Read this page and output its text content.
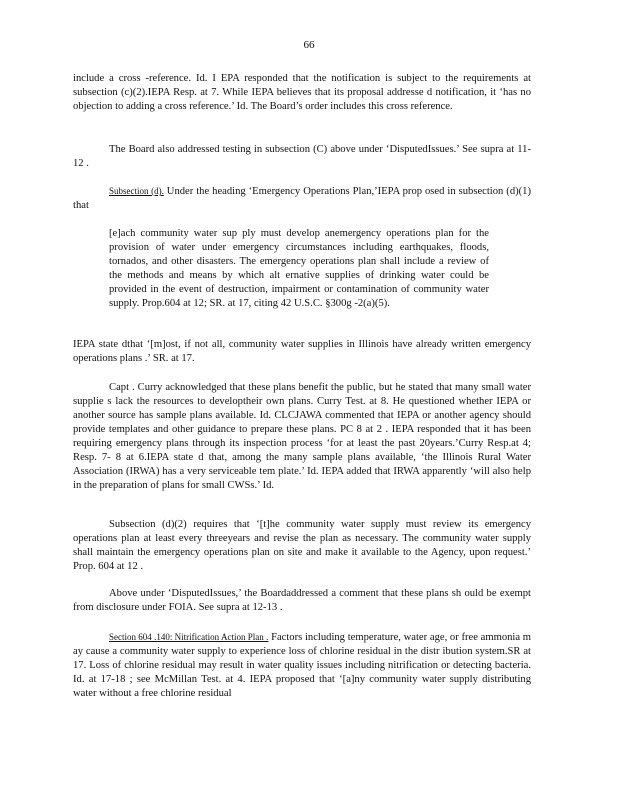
66

include a cross -reference. Id. I EPA responded that the notification is subject to the requirements at subsection (c)(2).IEPA Resp. at 7. While IEPA believes that its proposal addresse d notification, it ‘has no objection to adding a cross reference.’ Id. The Board’s order includes this cross reference.

The Board also addressed testing in subsection (C) above under ‘DisputedIssues.’ See supra at 11-12 .

Subsection (d). Under the heading ‘Emergency Operations Plan,’IEPA prop osed in subsection (d)(1) that

[e]ach community water sup ply must develop anemergency operations plan for the provision of water under emergency circumstances including earthquakes, floods, tornados, and other disasters. The emergency operations plan shall include a review of the methods and means by which alt ernative supplies of drinking water could be provided in the event of destruction, impairment or contamination of community water supply. Prop.604 at 12; SR. at 17, citing 42 U.S.C. §300g -2(a)(5).

IEPA state dthat ‘[m]ost, if not all, community water supplies in Illinois have already written emergency operations plans .’ SR. at 17.

Capt . Curry acknowledged that these plans benefit the public, but he stated that many small water supplie s lack the resources to developtheir own plans. Curry Test. at 8. He questioned whether IEPA or another source has sample plans available. Id. CLCJAWA commented that IEPA or another agency should provide templates and other guidance to prepare these plans. PC 8 at 2 . IEPA responded that it has been requiring emergency plans through its inspection process ‘for at least the past 20years.’Curry Resp.at 4; Resp. 7- 8 at 6.IEPA state d that, among the many sample plans available, ‘the Illinois Rural Water Association (IRWA) has a very serviceable tem plate.’ Id. IEPA added that IRWA apparently ‘will also help in the preparation of plans for small CWSs.’ Id.

Subsection (d)(2) requires that ‘[t]he community water supply must review its emergency operations plan at least every threeyears and revise the plan as necessary. The community water supply shall maintain the emergency operations plan on site and make it available to the Agency, upon request.’ Prop. 604 at 12 .

Above under ‘DisputedIssues,’ the Boardaddressed a comment that these plans sh ould be exempt from disclosure under FOIA. See supra at 12-13 .

Section 604 .140: Nitrification Action Plan . Factors including temperature, water age, or free ammonia m ay cause a community water supply to experience loss of chlorine residual in the distr ibution system.SR at 17. Loss of chlorine residual may result in water quality issues including nitrification or detecting bacteria. Id. at 17-18 ; see McMillan Test. at 4. IEPA proposed that ‘[a]ny community water supply distributing water without a free chlorine residual
